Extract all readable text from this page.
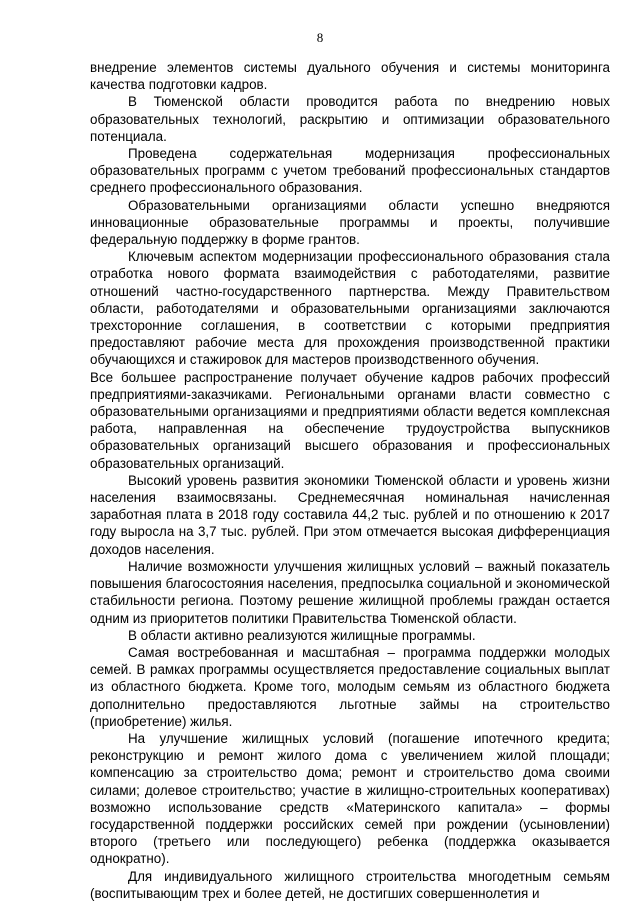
8

внедрение элементов системы дуального обучения и системы мониторинга качества подготовки кадров.

В Тюменской области проводится работа по внедрению новых образовательных технологий, раскрытию и оптимизации образовательного потенциала.

Проведена содержательная модернизация профессиональных образовательных программ с учетом требований профессиональных стандартов среднего профессионального образования.

Образовательными организациями области успешно внедряются инновационные образовательные программы и проекты, получившие федеральную поддержку в форме грантов.

Ключевым аспектом модернизации профессионального образования стала отработка нового формата взаимодействия с работодателями, развитие отношений частно-государственного партнерства. Между Правительством области, работодателями и образовательными организациями заключаются трехсторонние соглашения, в соответствии с которыми предприятия предоставляют рабочие места для прохождения производственной практики обучающихся и стажировок для мастеров производственного обучения.

Все большее распространение получает обучение кадров рабочих профессий предприятиями-заказчиками. Региональными органами власти совместно с образовательными организациями и предприятиями области ведется комплексная работа, направленная на обеспечение трудоустройства выпускников образовательных организаций высшего образования и профессиональных образовательных организаций.

Высокий уровень развития экономики Тюменской области и уровень жизни населения взаимосвязаны. Среднемесячная номинальная начисленная заработная плата в 2018 году составила 44,2 тыс. рублей и по отношению к 2017 году выросла на 3,7 тыс. рублей. При этом отмечается высокая дифференциация доходов населения.

Наличие возможности улучшения жилищных условий – важный показатель повышения благосостояния населения, предпосылка социальной и экономической стабильности региона. Поэтому решение жилищной проблемы граждан остается одним из приоритетов политики Правительства Тюменской области.

В области активно реализуются жилищные программы.

Самая востребованная и масштабная – программа поддержки молодых семей. В рамках программы осуществляется предоставление социальных выплат из областного бюджета. Кроме того, молодым семьям из областного бюджета дополнительно предоставляются льготные займы на строительство (приобретение) жилья.

На улучшение жилищных условий (погашение ипотечного кредита; реконструкцию и ремонт жилого дома с увеличением жилой площади; компенсацию за строительство дома; ремонт и строительство дома своими силами; долевое строительство; участие в жилищно-строительных кооперативах) возможно использование средств «Материнского капитала» – формы государственной поддержки российских семей при рождении (усыновлении) второго (третьего или последующего) ребенка (поддержка оказывается однократно).

Для индивидуального жилищного строительства многодетным семьям (воспитывающим трех и более детей, не достигших совершеннолетия и
